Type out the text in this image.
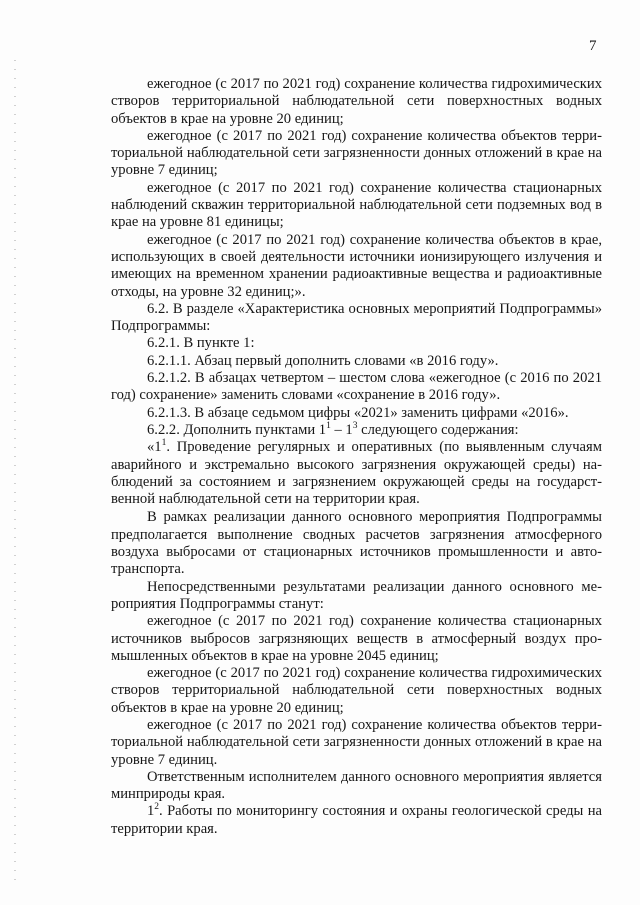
7

ежегодное (с 2017 по 2021 год) сохранение количества гидрохимических створов территориальной наблюдательной сети поверхностных водных объектов в крае на уровне 20 единиц;

ежегодное (с 2017 по 2021 год) сохранение количества объектов территориальной наблюдательной сети загрязненности донных отложений в крае на уровне 7 единиц;

ежегодное (с 2017 по 2021 год) сохранение количества стационарных наблюдений скважин территориальной наблюдательной сети подземных вод в крае на уровне 81 единицы;

ежегодное (с 2017 по 2021 год) сохранение количества объектов в крае, использующих в своей деятельности источники ионизирующего излучения и имеющих на временном хранении радиоактивные вещества и радиоактивные отходы, на уровне 32 единиц;».

6.2. В разделе «Характеристика основных мероприятий Подпрограммы» Подпрограммы:

6.2.1. В пункте 1:

6.2.1.1. Абзац первый дополнить словами «в 2016 году».

6.2.1.2. В абзацах четвертом – шестом слова «ежегодное (с 2016 по 2021 год) сохранение» заменить словами «сохранение в 2016 году».

6.2.1.3. В абзаце седьмом цифры «2021» заменить цифрами «2016».

6.2.2. Дополнить пунктами $1^1 - 1^3$ следующего содержания:

«$1^1$. Проведение регулярных и оперативных (по выявленным случаям аварийного и экстремально высокого загрязнения окружающей среды) наблюдений за состоянием и загрязнением окружающей среды на государственной наблюдательной сети на территории края.

В рамках реализации данного основного мероприятия Подпрограммы предполагается выполнение сводных расчетов загрязнения атмосферного воздуха выбросами от стационарных источников промышленности и автотранспорта.

Непосредственными результатами реализации данного основного мероприятия Подпрограммы станут:

ежегодное (с 2017 по 2021 год) сохранение количества стационарных источников выбросов загрязняющих веществ в атмосферный воздух промышленных объектов в крае на уровне 2045 единиц;

ежегодное (с 2017 по 2021 год) сохранение количества гидрохимических створов территориальной наблюдательной сети поверхностных водных объектов в крае на уровне 20 единиц;

ежегодное (с 2017 по 2021 год) сохранение количества объектов территориальной наблюдательной сети загрязненности донных отложений в крае на уровне 7 единиц.

Ответственным исполнителем данного основного мероприятия является минприроды края.

$1^2$. Работы по мониторингу состояния и охраны геологической среды на территории края.
